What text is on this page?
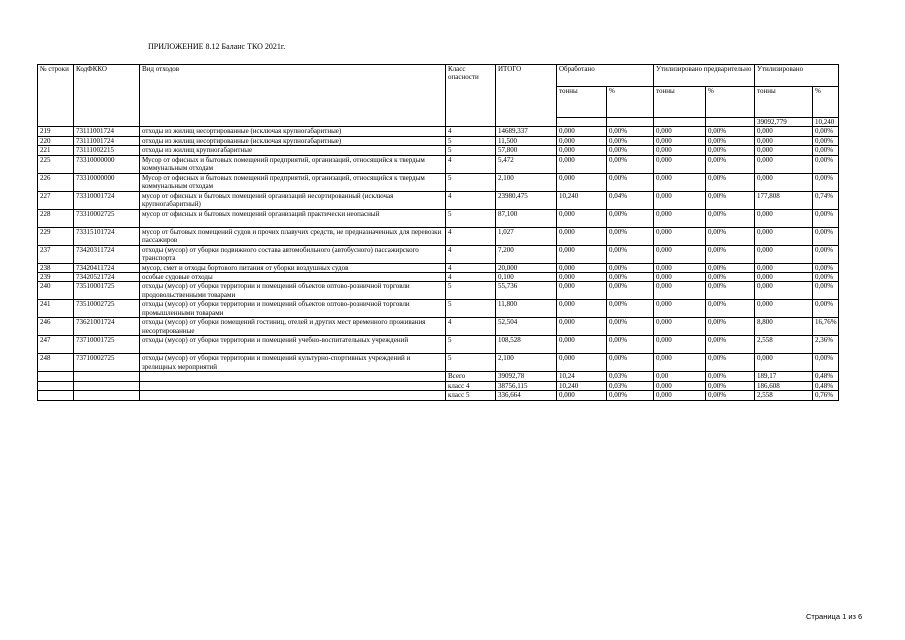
ПРИЛОЖЕНИЕ 8.12 Баланс ТКО 2021г.
№ строки	КодФККО	Вид отходов	Класс опасности	ИТОГО	Обработано		Утилизировано предварительно		Утилизировано		
					тонны	%	тонны	%	тонны	%	
									39092,779	10,240					
219	73111001724	отходы из жилищ несортированные (исключая крупногабаритные)	4	14689,337	0,000	0,00%	0,000	0,00%	0,000	0,00%	
220	73111001724	отходы из жилищ несортированные (исключая крупногабаритные)	5	11,500	0,000	0,00%	0,000	0,00%	0,000	0,00%	
221	73111002215	отходы из жилищ крупногабаритные	5	57,800	0,000	0,00%	0,000	0,00%	0,000	0,00%	
225	73310000000	Мусор от офисных и бытовых помещений предприятий, организаций, относящийся к твердым коммунальным отходам	4	5,472	0,000	0,00%	0,000	0,00%	0,000	0,00%	
226	73310000000	Мусор от офисных и бытовых помещений предприятий, организаций, относящийся к твердым коммунальным отходам	5	2,100	0,000	0,00%	0,000	0,00%	0,000	0,00%	
227	73310001724	мусор от офисных и бытовых помещений организаций несортированный (исключая крупногабаритный)	4	23980,475	10,240	0,04%	0,000	0,00%	177,808	0,74%	
228	73310002725	мусор от офисных и бытовых помещений организаций практически неопасный	5	87,100	0,000	0,00%	0,000	0,00%	0,000	0,00%	
229	73315101724	мусор от бытовых помещений судов и прочих плавучих средств, не предназначенных для перевозки пассажиров	4	1,027	0,000	0,00%	0,000	0,00%	0,000	0,00%	
237	73420311724	отходы (мусор) от уборки подвижного состава автомобильного (автобусного) пассажирского транспорта	4	7,200	0,000	0,00%	0,000	0,00%	0,000	0,00%	
238	73420411724	мусор, смет и отходы бортового питания от уборки воздушных судов	4	20,000	0,000	0,00%	0,000	0,00%	0,000	0,00%	
239	73420521724	особые судовые отходы	4	0,100	0,000	0,00%	0,000	0,00%	0,000	0,00%	
240	73510001725	отходы (мусор) от уборки территории и помещений объектов оптово-розничной торговли продовольственными товарами	5	55,736	0,000	0,00%	0,000	0,00%	0,000	0,00%	
241	73510002725	отходы (мусор) от уборки территории и помещений объектов оптово-розничной торговли промышленными товарами	5	11,800	0,000	0,00%	0,000	0,00%	0,000	0,00%	
246	73621001724	отходы (мусор) от уборки помещений гостиниц, отелей и других мест временного проживания несортированные	4	52,504	0,000	0,00%	0,000	0,00%	8,800	16,76%	
247	73710001725	отходы (мусор) от уборки территории и помещений учебно-воспитательных учреждений	5	108,528	0,000	0,00%	0,000	0,00%	2,558	2,36%	
248	73710002725	отходы (мусор) от уборки территории и помещений культурно-спортивных учреждений и зрелищных мероприятий	5	2,100	0,000	0,00%	0,000	0,00%	0,000	0,00%	
			Всего	39092,78	10,24	0,03%	0,00	0,00%	189,17	0,48%	
			класс 4	38756,115	10,240	0,03%	0,000	0,00%	186,608	0,48%	
			класс 5	336,664	0,000	0,00%	0,000	0,00%	2,558	0,76%	
Страница 1 из 6
